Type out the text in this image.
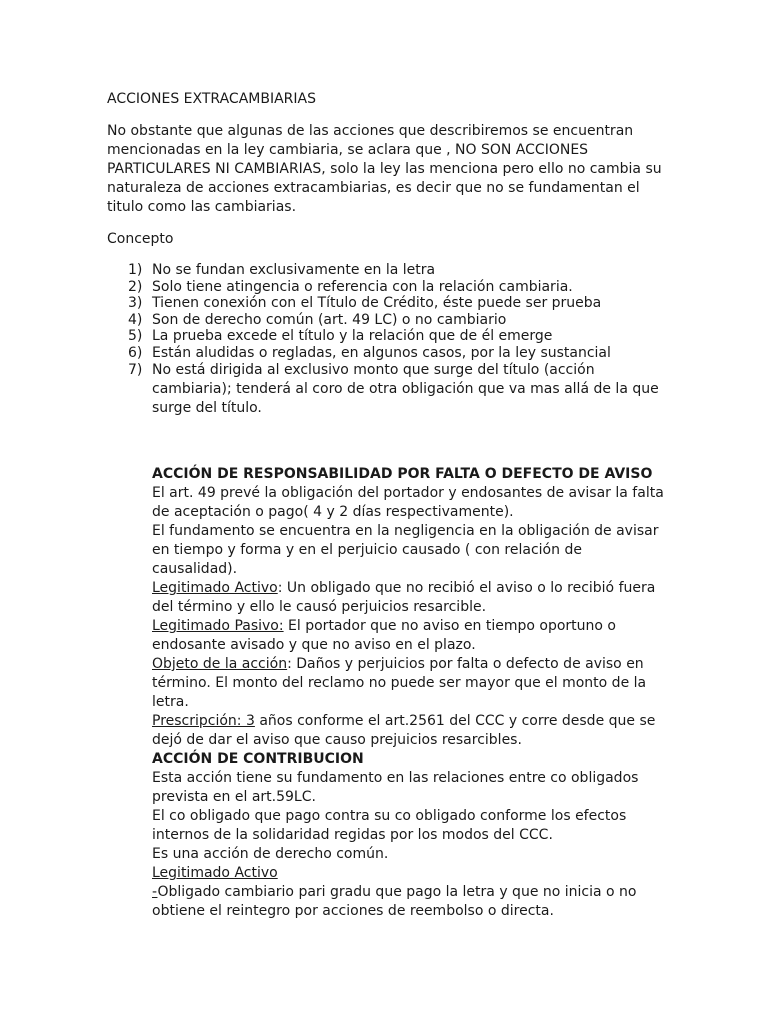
ACCIONES EXTRACAMBIARIAS

No obstante que algunas de las acciones que describiremos se encuentran
mencionadas en la ley cambiaria, se aclara que , NO SON ACCIONES
PARTICULARES NI CAMBIARIAS, solo la ley las menciona pero ello no cambia su
naturaleza de acciones extracambiarias, es decir que no se fundamentan el
titulo como las cambiarias.

Concepto

1) No se fundan exclusivamente en la letra
2) Solo tiene atingencia o referencia con la relación cambiaria.
3) Tienen conexión con el Título de Crédito, éste puede ser prueba
4) Son de derecho común (art. 49 LC) o no cambiario
5) La prueba excede el título y la relación que de él emerge
6) Están aludidas o regladas, en algunos casos, por la ley sustancial
7) No está dirigida al exclusivo monto que surge del título (acción
cambiaria); tenderá al coro de otra obligación que va mas allá de la que
surge del título.
ACCIÓN DE RESPONSABILIDAD POR FALTA O DEFECTO DE AVISO
El art. 49 prevé la obligación del portador y endosantes de avisar la falta
de aceptación o pago( 4 y 2 días respectivamente).
El fundamento se encuentra en la negligencia en la obligación de avisar
en tiempo y forma y en el perjuicio causado ( con relación de
causalidad).
Legitimado Activo: Un obligado que no recibió el aviso o lo recibió fuera
del término y ello le causó perjuicios resarcible.
Legitimado Pasivo: El portador que no aviso en tiempo oportuno o
endosante avisado y que no aviso en el plazo.
Objeto de la acción: Daños y perjuicios por falta o defecto de aviso en
término. El monto del reclamo no puede ser mayor que el monto de la
letra.
Prescripción: 3 años conforme el art.2561 del CCC y corre desde que se
dejó de dar el aviso que causo prejuicios resarcibles.
ACCIÓN DE CONTRIBUCION
Esta acción tiene su fundamento en las relaciones entre co obligados
prevista en el art.59LC.
El co obligado que pago contra su co obligado conforme los efectos
internos de la solidaridad regidas por los modos del CCC.
Es una acción de derecho común.
Legitimado Activo
-Obligado cambiario pari gradu que pago la letra y que no inicia o no
obtiene el reintegro por acciones de reembolso o directa.
